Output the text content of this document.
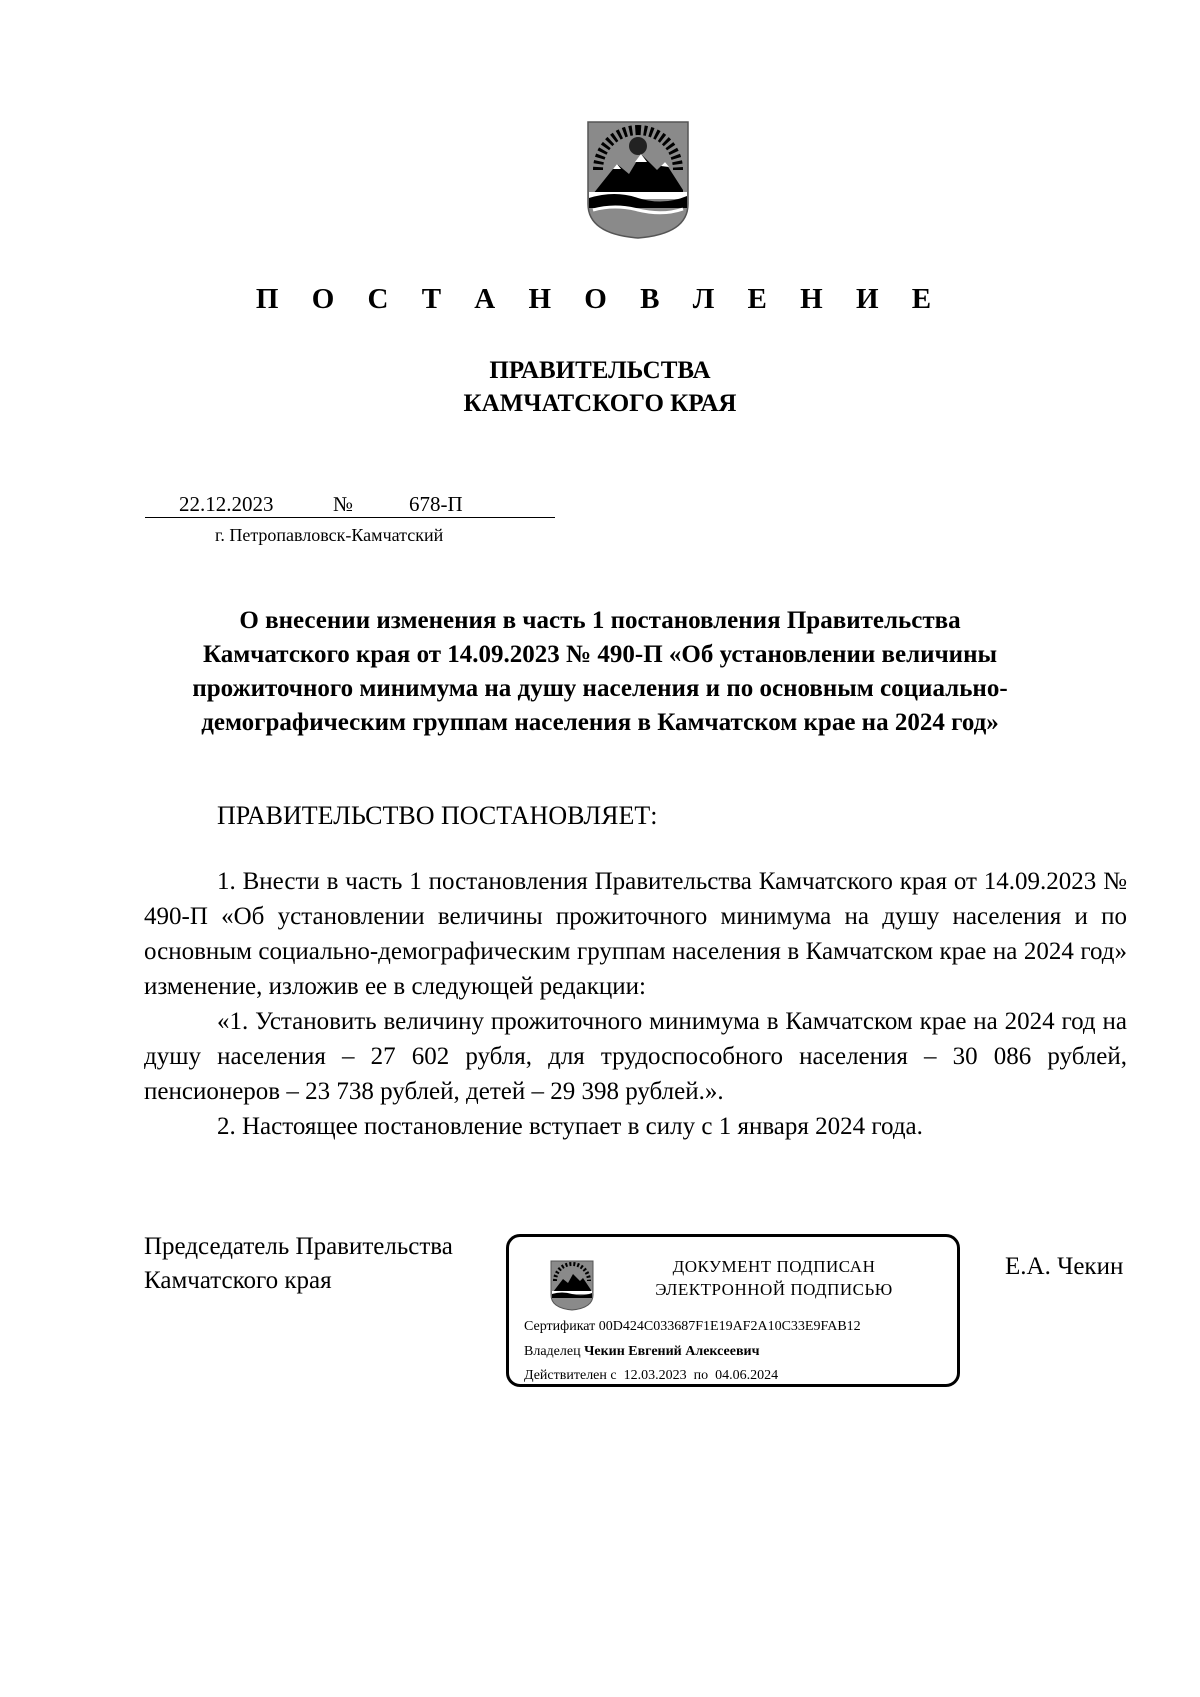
П О С Т А Н О В Л Е Н И Е
ПРАВИТЕЛЬСТВА
КАМЧАТСКОГО КРАЯ
22.12.2023	№	678-П
г. Петропавловск-Камчатский
О внесении изменения в часть 1 постановления Правительства
Камчатского края от 14.09.2023 № 490-П «Об установлении величины
прожиточного минимума на душу населения и по основным социально-
демографическим группам населения в Камчатском крае на 2024 год»
ПРАВИТЕЛЬСТВО ПОСТАНОВЛЯЕТ:

1. Внести в часть 1 постановления Правительства Камчатского края от 14.09.2023 № 490-П «Об установлении величины прожиточного минимума на душу населения и по основным социально-демографическим группам населения в Камчатском крае на 2024 год» изменение, изложив ее в следующей редакции:

«1. Установить величину прожиточного минимума в Камчатском крае на 2024 год на душу населения – 27 602 рубля, для трудоспособного населения – 30 086 рублей, пенсионеров – 23 738 рублей, детей – 29 398 рублей.».

2. Настоящее постановление вступает в силу с 1 января 2024 года.

Председатель Правительства
Камчатского края
ДОКУМЕНТ ПОДПИСАН
ЭЛЕКТРОННОЙ ПОДПИСЬЮ
Сертификат 00D424C033687F1E19AF2A10C33E9FAB12
Владелец Чекин Евгений Алексеевич
Действителен с 12.03.2023 по 04.06.2024
Е.А. Чекин
